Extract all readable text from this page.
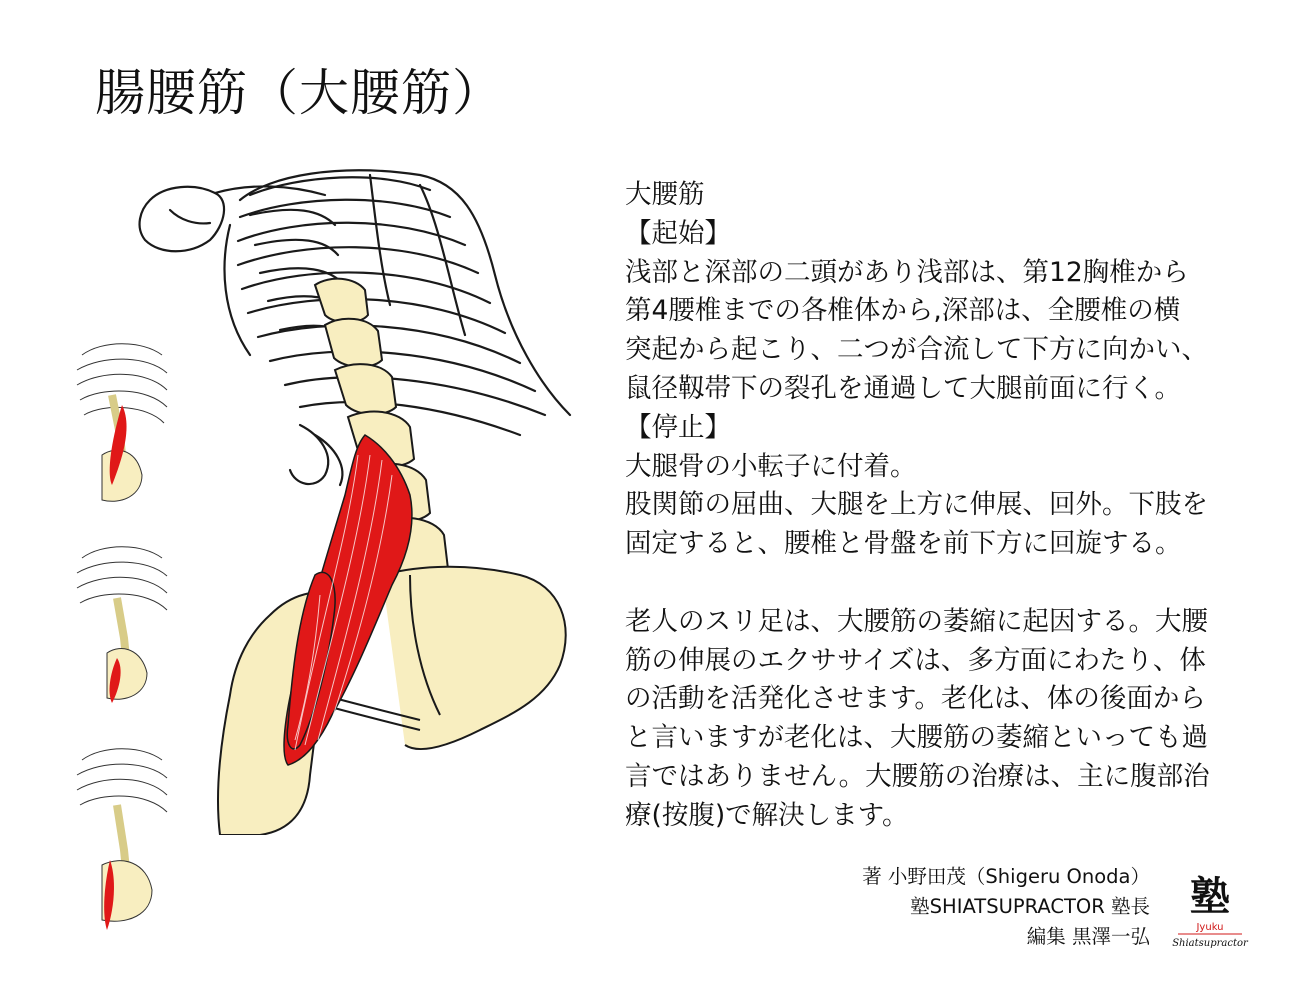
腸腰筋（大腰筋）
大腰筋
【起始】
浅部と深部の二頭があり浅部は、第12胸椎から
第4腰椎までの各椎体から,深部は、全腰椎の横
突起から起こり、二つが合流して下方に向かい、
鼠径靱帯下の裂孔を通過して大腿前面に行く。
【停止】
大腿骨の小転子に付着。
股関節の屈曲、大腿を上方に伸展、回外。下肢を
固定すると、腰椎と骨盤を前下方に回旋する。
老人のスリ足は、大腰筋の萎縮に起因する。大腰
筋の伸展のエクササイズは、多方面にわたり、体
の活動を活発化させます。老化は、体の後面から
と言いますが老化は、大腰筋の萎縮といっても過
言ではありません。大腰筋の治療は、主に腹部治
療(按腹)で解決します。
著 小野田茂（Shigeru Onoda）
塾SHIATSUPRACTOR 塾長
編集 黒澤一弘
塾
Jyuku
Shiatsupractor
